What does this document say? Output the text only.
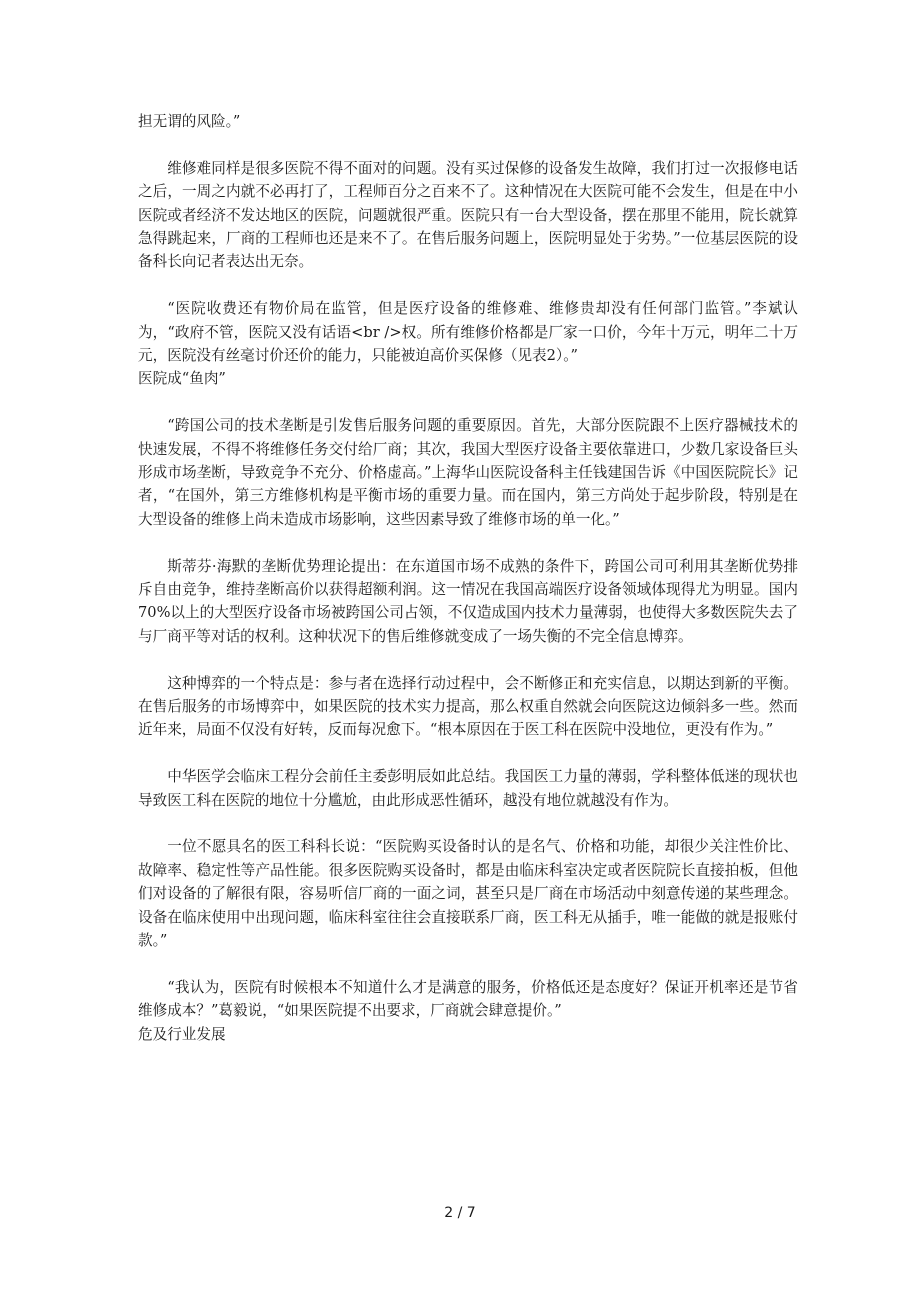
担无谓的风险。”

维修难同样是很多医院不得不面对的问题。没有买过保修的设备发生故障，我们打过一次报修电话之后，一周之内就不必再打了，工程师百分之百来不了。这种情况在大医院可能不会发生，但是在中小医院或者经济不发达地区的医院，问题就很严重。医院只有一台大型设备，摆在那里不能用，院长就算急得跳起来，厂商的工程师也还是来不了。在售后服务问题上，医院明显处于劣势。”一位基层医院的设备科长向记者表达出无奈。

“医院收费还有物价局在监管，但是医疗设备的维修难、维修贵却没有任何部门监管。”李斌认为，“政府不管，医院又没有话语<br />权。所有维修价格都是厂家一口价，今年十万元，明年二十万元，医院没有丝毫讨价还价的能力，只能被迫高价买保修（见表2）。”

医院成“鱼肉”

“跨国公司的技术垄断是引发售后服务问题的重要原因。首先，大部分医院跟不上医疗器械技术的快速发展，不得不将维修任务交付给厂商；其次，我国大型医疗设备主要依靠进口，少数几家设备巨头形成市场垄断，导致竞争不充分、价格虚高。”上海华山医院设备科主任钱建国告诉《中国医院院长》记者，“在国外，第三方维修机构是平衡市场的重要力量。而在国内，第三方尚处于起步阶段，特别是在大型设备的维修上尚未造成市场影响，这些因素导致了维修市场的单一化。”

斯蒂芬·海默的垄断优势理论提出：在东道国市场不成熟的条件下，跨国公司可利用其垄断优势排斥自由竞争，维持垄断高价以获得超额利润。这一情况在我国高端医疗设备领域体现得尤为明显。国内70%以上的大型医疗设备市场被跨国公司占领，不仅造成国内技术力量薄弱，也使得大多数医院失去了与厂商平等对话的权利。这种状况下的售后维修就变成了一场失衡的不完全信息博弈。

这种博弈的一个特点是：参与者在选择行动过程中，会不断修正和充实信息，以期达到新的平衡。在售后服务的市场博弈中，如果医院的技术实力提高，那么权重自然就会向医院这边倾斜多一些。然而近年来，局面不仅没有好转，反而每况愈下。“根本原因在于医工科在医院中没地位，更没有作为。”

中华医学会临床工程分会前任主委彭明辰如此总结。我国医工力量的薄弱，学科整体低迷的现状也导致医工科在医院的地位十分尴尬，由此形成恶性循环，越没有地位就越没有作为。

一位不愿具名的医工科科长说：“医院购买设备时认的是名气、价格和功能，却很少关注性价比、故障率、稳定性等产品性能。很多医院购买设备时，都是由临床科室决定或者医院院长直接拍板，但他们对设备的了解很有限，容易听信厂商的一面之词，甚至只是厂商在市场活动中刻意传递的某些理念。设备在临床使用中出现问题，临床科室往往会直接联系厂商，医工科无从插手，唯一能做的就是报账付款。”

“我认为，医院有时候根本不知道什么才是满意的服务，价格低还是态度好？保证开机率还是节省维修成本？”葛毅说，“如果医院提不出要求，厂商就会肆意提价。”

危及行业发展
2 / 7
